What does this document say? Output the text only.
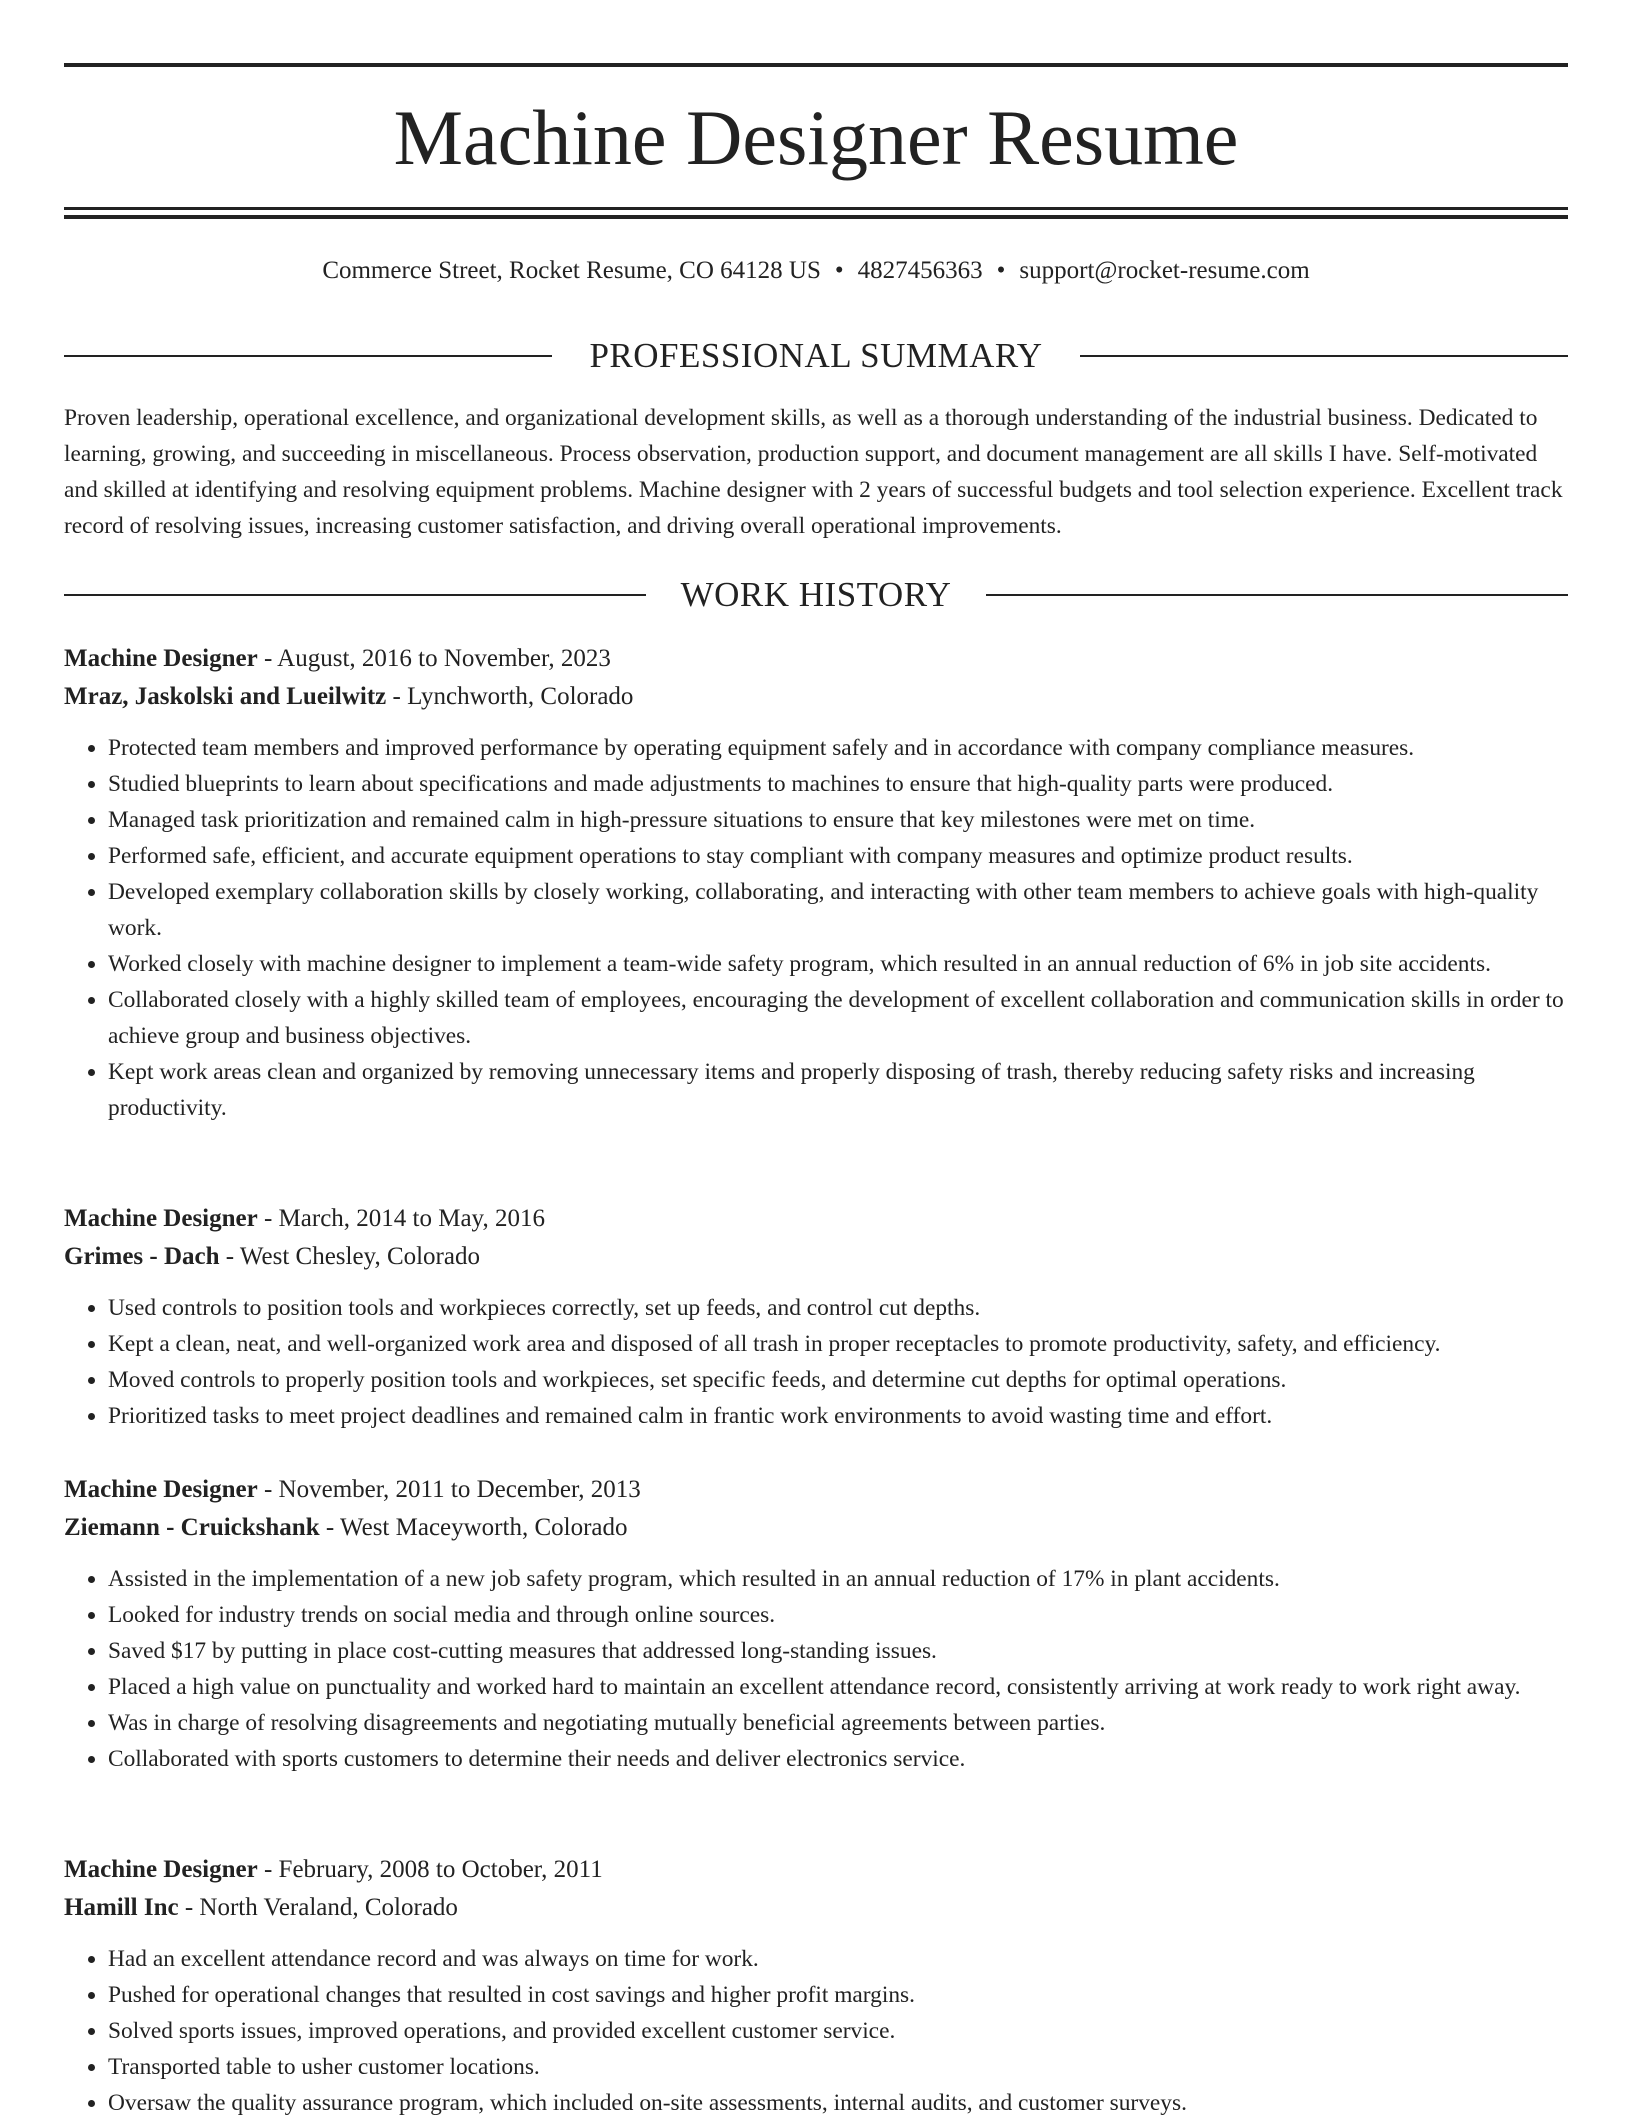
Machine Designer Resume
Commerce Street, Rocket Resume, CO 64128 US • 4827456363 • support@rocket-resume.com
PROFESSIONAL SUMMARY

Proven leadership, operational excellence, and organizational development skills, as well as a thorough understanding of the industrial business. Dedicated to learning, growing, and succeeding in miscellaneous. Process observation, production support, and document management are all skills I have. Self-motivated and skilled at identifying and resolving equipment problems. Machine designer with 2 years of successful budgets and tool selection experience. Excellent track record of resolving issues, increasing customer satisfaction, and driving overall operational improvements.

WORK HISTORY

Machine Designer - August, 2016 to November, 2023

Mraz, Jaskolski and Lueilwitz - Lynchworth, Colorado

• Protected team members and improved performance by operating equipment safely and in accordance with company compliance measures.
• Studied blueprints to learn about specifications and made adjustments to machines to ensure that high-quality parts were produced.
• Managed task prioritization and remained calm in high-pressure situations to ensure that key milestones were met on time.
• Performed safe, efficient, and accurate equipment operations to stay compliant with company measures and optimize product results.
• Developed exemplary collaboration skills by closely working, collaborating, and interacting with other team members to achieve goals with high-quality work.
• Worked closely with machine designer to implement a team-wide safety program, which resulted in an annual reduction of 6% in job site accidents.
• Collaborated closely with a highly skilled team of employees, encouraging the development of excellent collaboration and communication skills in order to achieve group and business objectives.
• Kept work areas clean and organized by removing unnecessary items and properly disposing of trash, thereby reducing safety risks and increasing productivity.

Machine Designer - March, 2014 to May, 2016

Grimes - Dach - West Chesley, Colorado

• Used controls to position tools and workpieces correctly, set up feeds, and control cut depths.
• Kept a clean, neat, and well-organized work area and disposed of all trash in proper receptacles to promote productivity, safety, and efficiency.
• Moved controls to properly position tools and workpieces, set specific feeds, and determine cut depths for optimal operations.
• Prioritized tasks to meet project deadlines and remained calm in frantic work environments to avoid wasting time and effort.

Machine Designer - November, 2011 to December, 2013

Ziemann - Cruickshank - West Maceyworth, Colorado

• Assisted in the implementation of a new job safety program, which resulted in an annual reduction of 17% in plant accidents.
• Looked for industry trends on social media and through online sources.
• Saved $17 by putting in place cost-cutting measures that addressed long-standing issues.
• Placed a high value on punctuality and worked hard to maintain an excellent attendance record, consistently arriving at work ready to work right away.
• Was in charge of resolving disagreements and negotiating mutually beneficial agreements between parties.
• Collaborated with sports customers to determine their needs and deliver electronics service.

Machine Designer - February, 2008 to October, 2011

Hamill Inc - North Veraland, Colorado

• Had an excellent attendance record and was always on time for work.
• Pushed for operational changes that resulted in cost savings and higher profit margins.
• Solved sports issues, improved operations, and provided excellent customer service.
• Transported table to usher customer locations.
• Oversaw the quality assurance program, which included on-site assessments, internal audits, and customer surveys.
